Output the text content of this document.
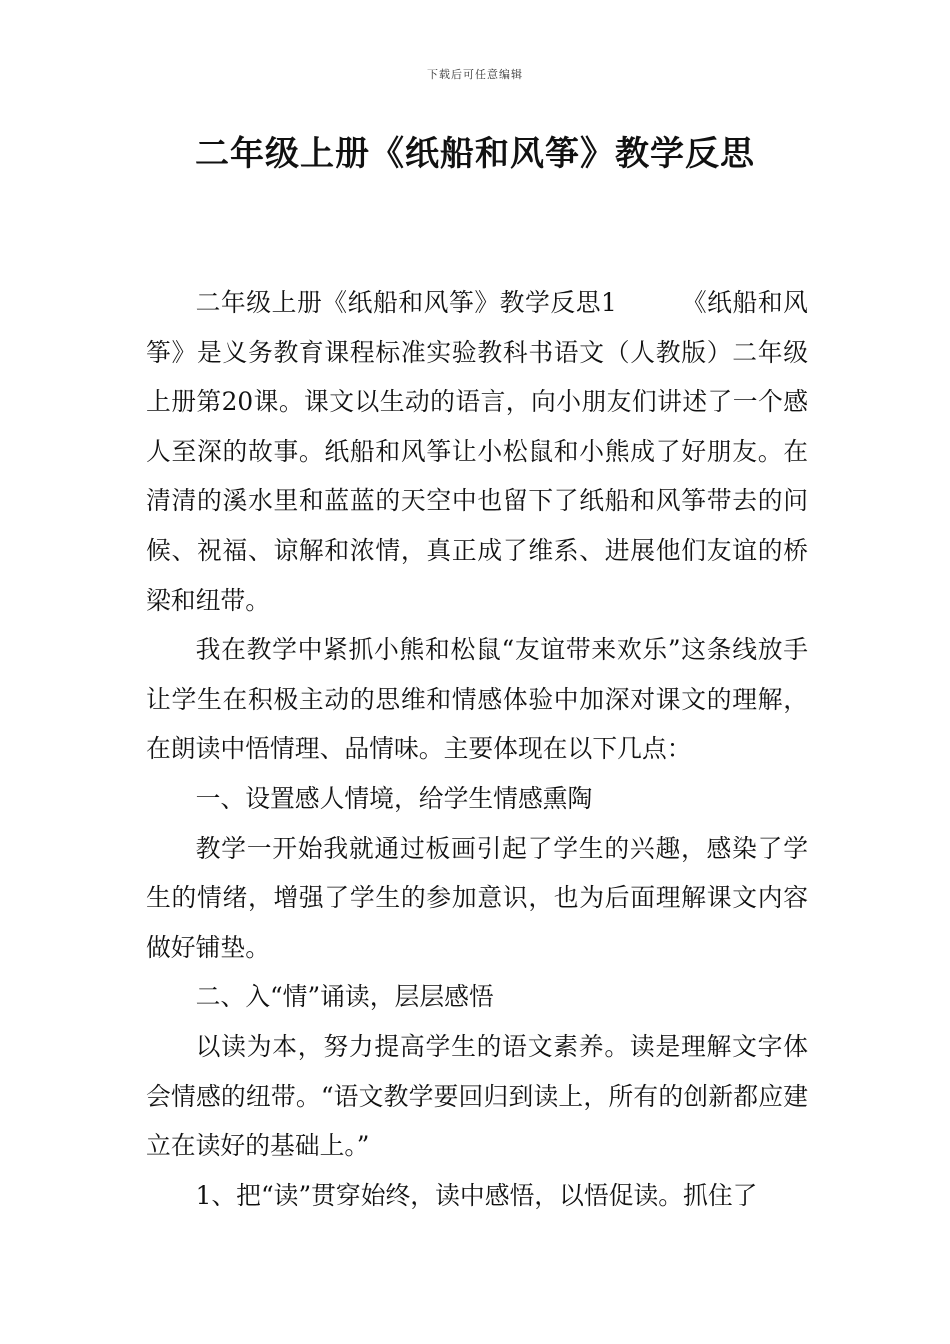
下载后可任意编辑
二年级上册《纸船和风筝》教学反思

二年级上册《纸船和风筝》教学反思1	《纸船和风筝》是义务教育课程标准实验教科书语文（人教版）二年级上册第20课。课文以生动的语言，向小朋友们讲述了一个感人至深的故事。纸船和风筝让小松鼠和小熊成了好朋友。在清清的溪水里和蓝蓝的天空中也留下了纸船和风筝带去的问候、祝福、谅解和浓情，真正成了维系、进展他们友谊的桥梁和纽带。

我在教学中紧抓小熊和松鼠“友谊带来欢乐”这条线放手让学生在积极主动的思维和情感体验中加深对课文的理解，在朗读中悟情理、品情味。主要体现在以下几点：

一、设置感人情境，给学生情感熏陶

教学一开始我就通过板画引起了学生的兴趣，感染了学生的情绪，增强了学生的参加意识，也为后面理解课文内容做好铺垫。

二、入“情”诵读，层层感悟

以读为本，努力提高学生的语文素养。读是理解文字体会情感的纽带。“语文教学要回归到读上，所有的创新都应建立在读好的基础上。”

1、把“读”贯穿始终，读中感悟，以悟促读。抓住了
